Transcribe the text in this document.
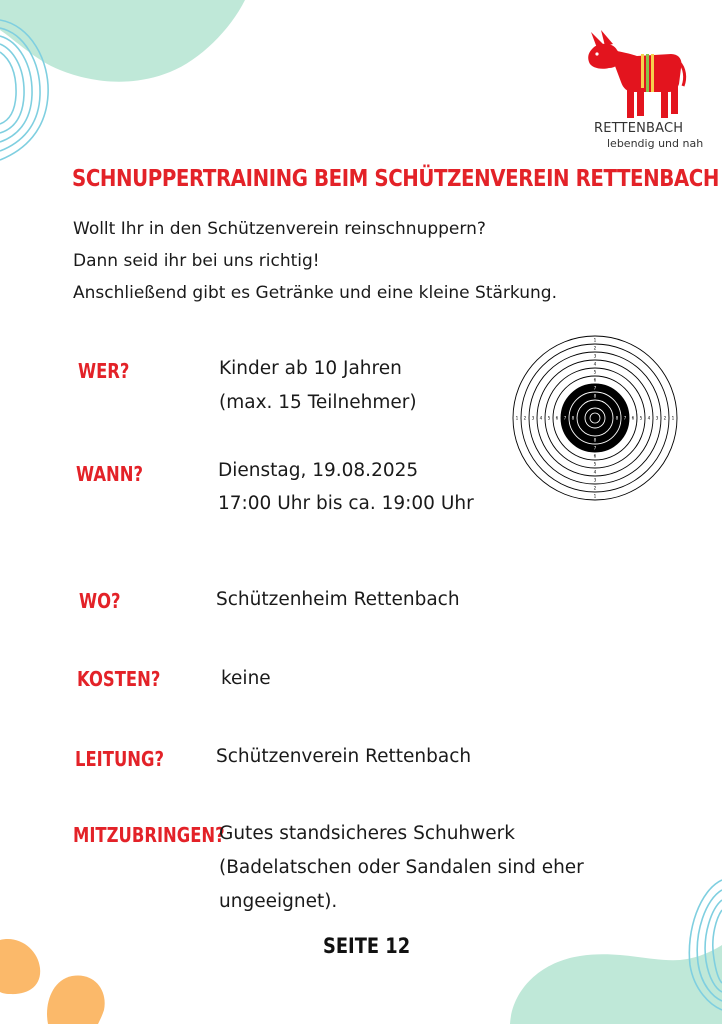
RETTENBACH
lebendig und nah
SCHNUPPERTRAINING BEIM SCHÜTZENVEREIN RETTENBACH
Wollt Ihr in den Schützenverein reinschnuppern?
Dann seid ihr bei uns richtig!
Anschließend gibt es Getränke und eine kleine Stärkung.
WER?	Kinder ab 10 Jahren
(max. 15 Teilnehmer)
WANN?	Dienstag, 19.08.2025
17:00 Uhr bis ca. 19:00 Uhr
WO?	Schützenheim Rettenbach
KOSTEN?	keine
LEITUNG?	Schützenverein Rettenbach
MITZUBRINGEN?
Gutes standsicheres Schuhwerk
(Badelatschen oder Sandalen sind eher
ungeeignet).
1
1
1	1
2
2
2	2
3
3
3	3
4
4
4	4
5
5
5	5
6
6
6	6
7
7
7	7
8
8
8	8
SEITE 12
